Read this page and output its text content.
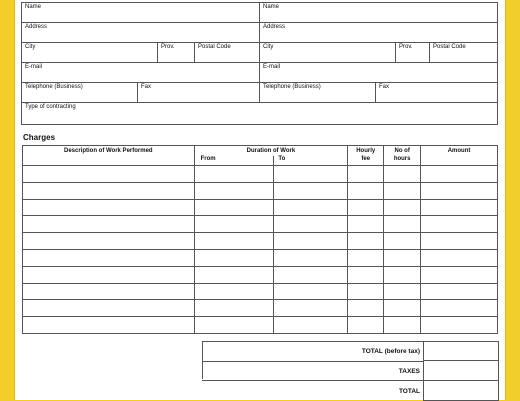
Name	Name
Address	Address
City	Prov.	Postal Code	City	Prov.	Postal Code
E-mail	E-mail
Telephone (Business)	Fax	Telephone (Business)	Fax
Type of contracting
Charges
Description of Work Performed	Duration of Work		Hourly	No of	Amount
	From	To	fee	hours	

TOTAL (before tax)
TAXES
TOTAL
